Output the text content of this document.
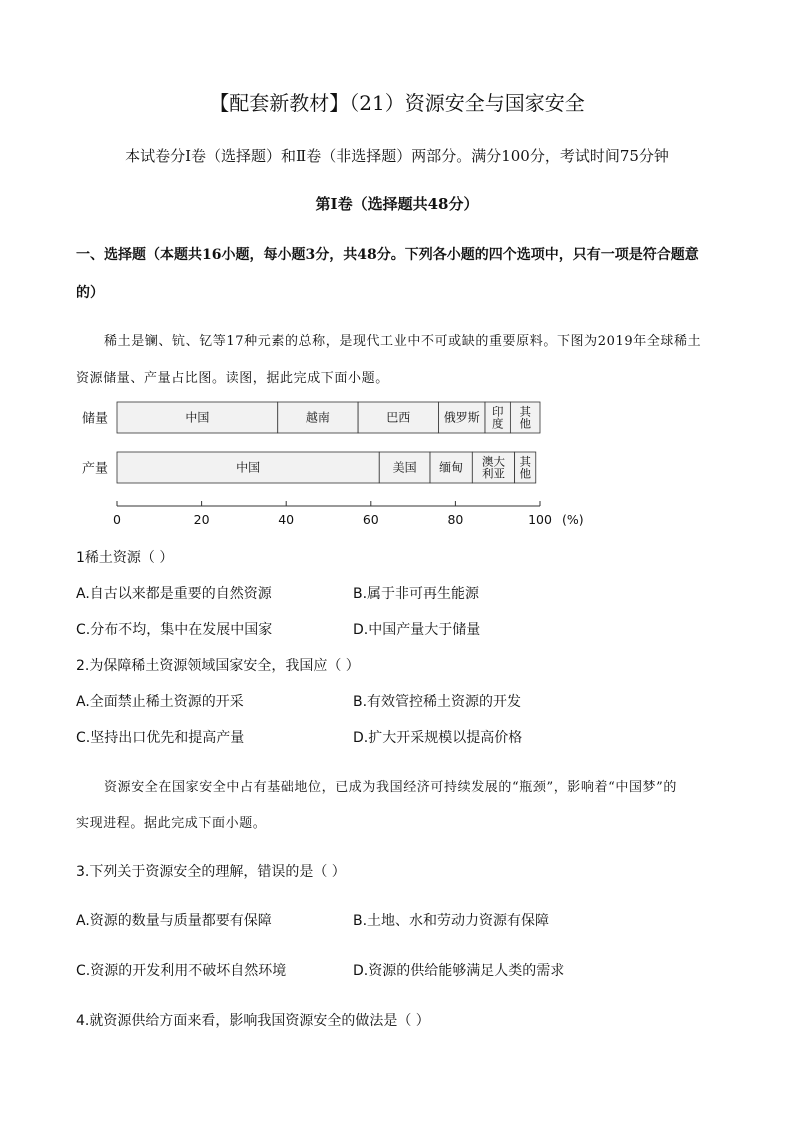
【配套新教材】（21）资源安全与国家安全
本试卷分Ⅰ卷（选择题）和Ⅱ卷（非选择题）两部分。满分100分，考试时间75分钟
第Ⅰ卷（选择题共48分）
一、选择题（本题共16小题，每小题3分，共48分。下列各小题的四个选项中，只有一项是符合题意
的）
稀土是镧、钪、钇等17种元素的总称，是现代工业中不可或缺的重要原料。下图为2019年全球稀土
资源储量、产量占比图。读图，据此完成下面小题。
储量	中国	越南	巴西	俄罗斯 印
度
其
他
产量	中国	美国 缅甸 澳大
利亚
其
他
0	20	40	60	80	100 (%)
1稀土资源（ ）
A.自古以来都是重要的自然资源	B.属于非可再生能源
C.分布不均，集中在发展中国家	D.中国产量大于储量
2.为保障稀土资源领域国家安全，我国应（ ）
A.全面禁止稀土资源的开采	B.有效管控稀土资源的开发
C.坚持出口优先和提高产量	D.扩大开采规模以提高价格
资源安全在国家安全中占有基础地位，已成为我国经济可持续发展的“瓶颈”，影响着“中国梦”的
实现进程。据此完成下面小题。
3.下列关于资源安全的理解，错误的是（ ）
A.资源的数量与质量都要有保障	B.土地、水和劳动力资源有保障
C.资源的开发利用不破坏自然环境	D.资源的供给能够满足人类的需求
4.就资源供给方面来看，影响我国资源安全的做法是（ ）
